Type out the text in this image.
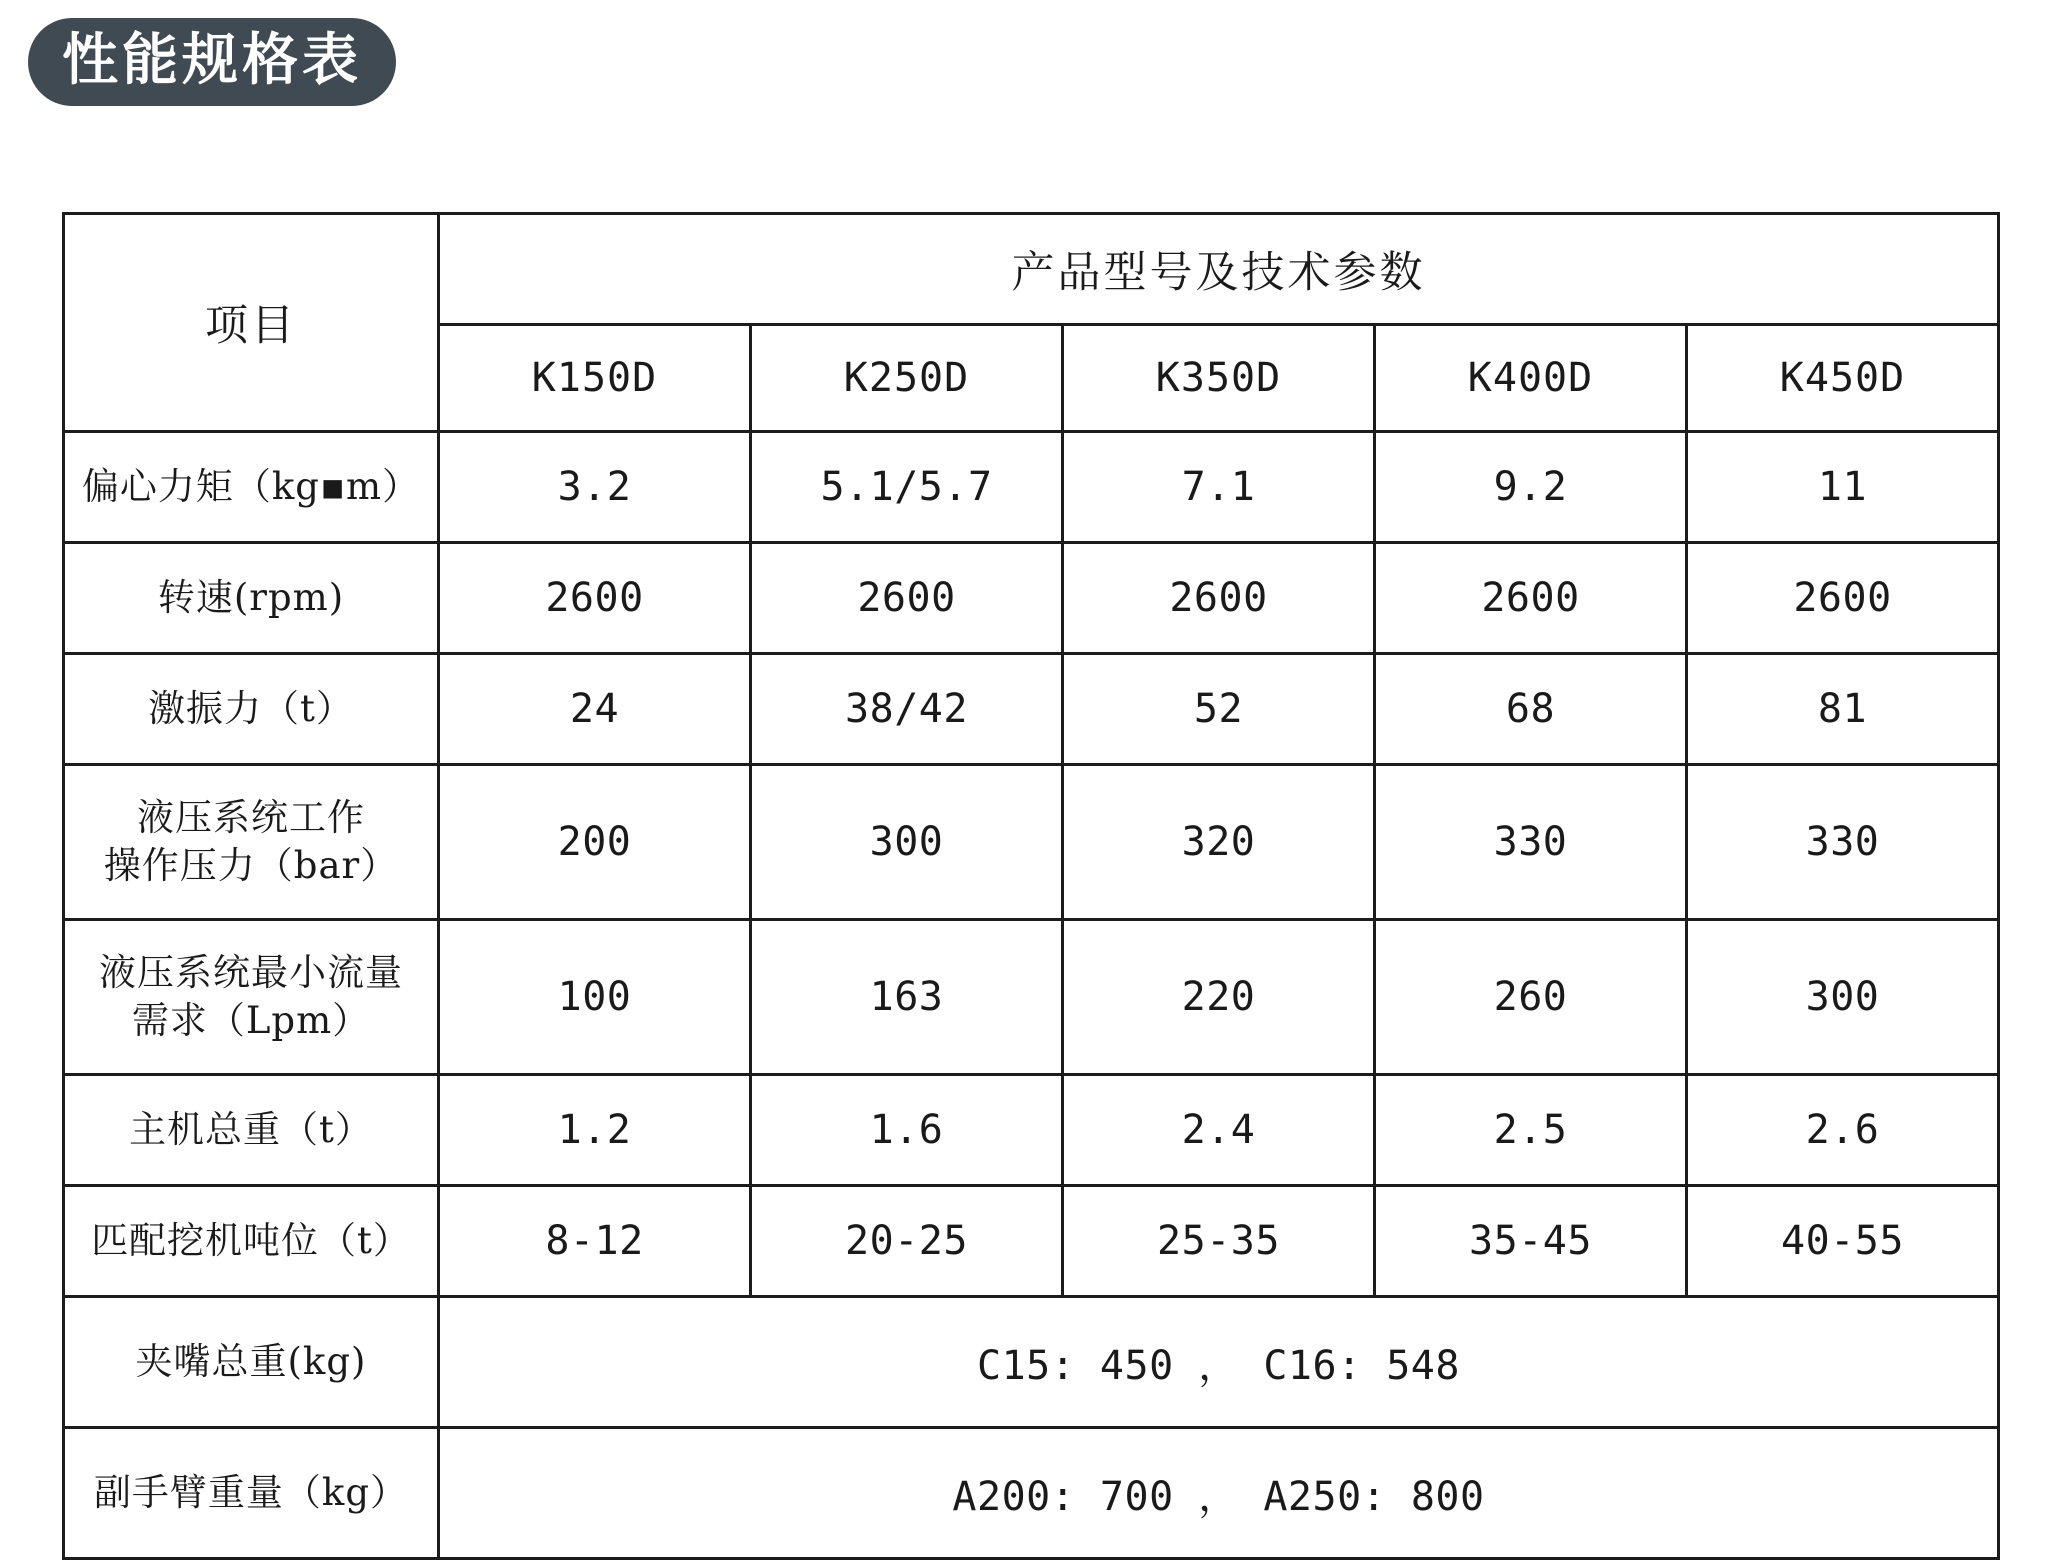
性能规格表
项目	产品型号及技术参数				
	K150D	K250D	K350D	K400D	K450D
偏心力矩（kg▪m）	3.2	5.1/5.7	7.1	9.2	11
转速(rpm)	2600	2600	2600	2600	2600
激振力（t）	24	38/42	52	68	81

液压系统工作
操作压力（bar）	200	300	320	330	330

液压系统最小流量
需求（Lpm）	100	163	220	260	300
主机总重（t）	1.2	1.6	2.4	2.5	2.6
匹配挖机吨位（t）	8-12	20-25	25-35	35-45	40-55
夹嘴总重(kg)	C15: 450 ， C16: 548				
副手臂重量（kg）	A200: 700 ， A250: 800				
